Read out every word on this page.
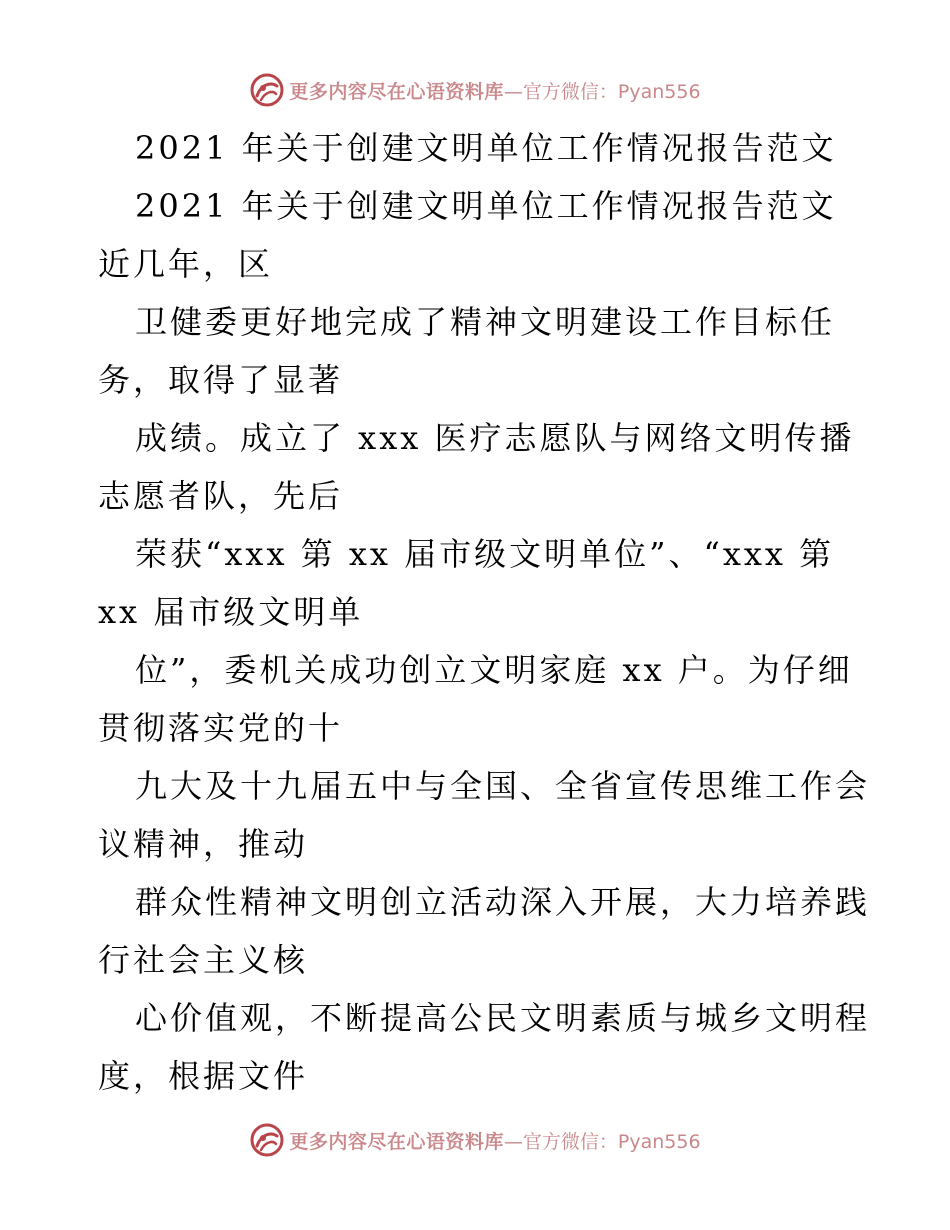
更多内容尽在心语资料库 —官方微信：Pyan556
2021 年关于创建文明单位工作情况报告范文
2021 年关于创建文明单位工作情况报告范文
近几年，区
卫健委更好地完成了精神文明建设工作目标任
务，取得了显著
成绩。成立了 xxx 医疗志愿队与网络文明传播
志愿者队，先后
荣获“xxx 第 xx 届市级文明单位”、“xxx 第
xx 届市级文明单
位”，委机关成功创立文明家庭 xx 户。为仔细
贯彻落实党的十
九大及十九届五中与全国、全省宣传思维工作会
议精神，推动
群众性精神文明创立活动深入开展，大力培养践
行社会主义核
心价值观，不断提高公民文明素质与城乡文明程
度，根据文件
更多内容尽在心语资料库 —官方微信：Pyan556
